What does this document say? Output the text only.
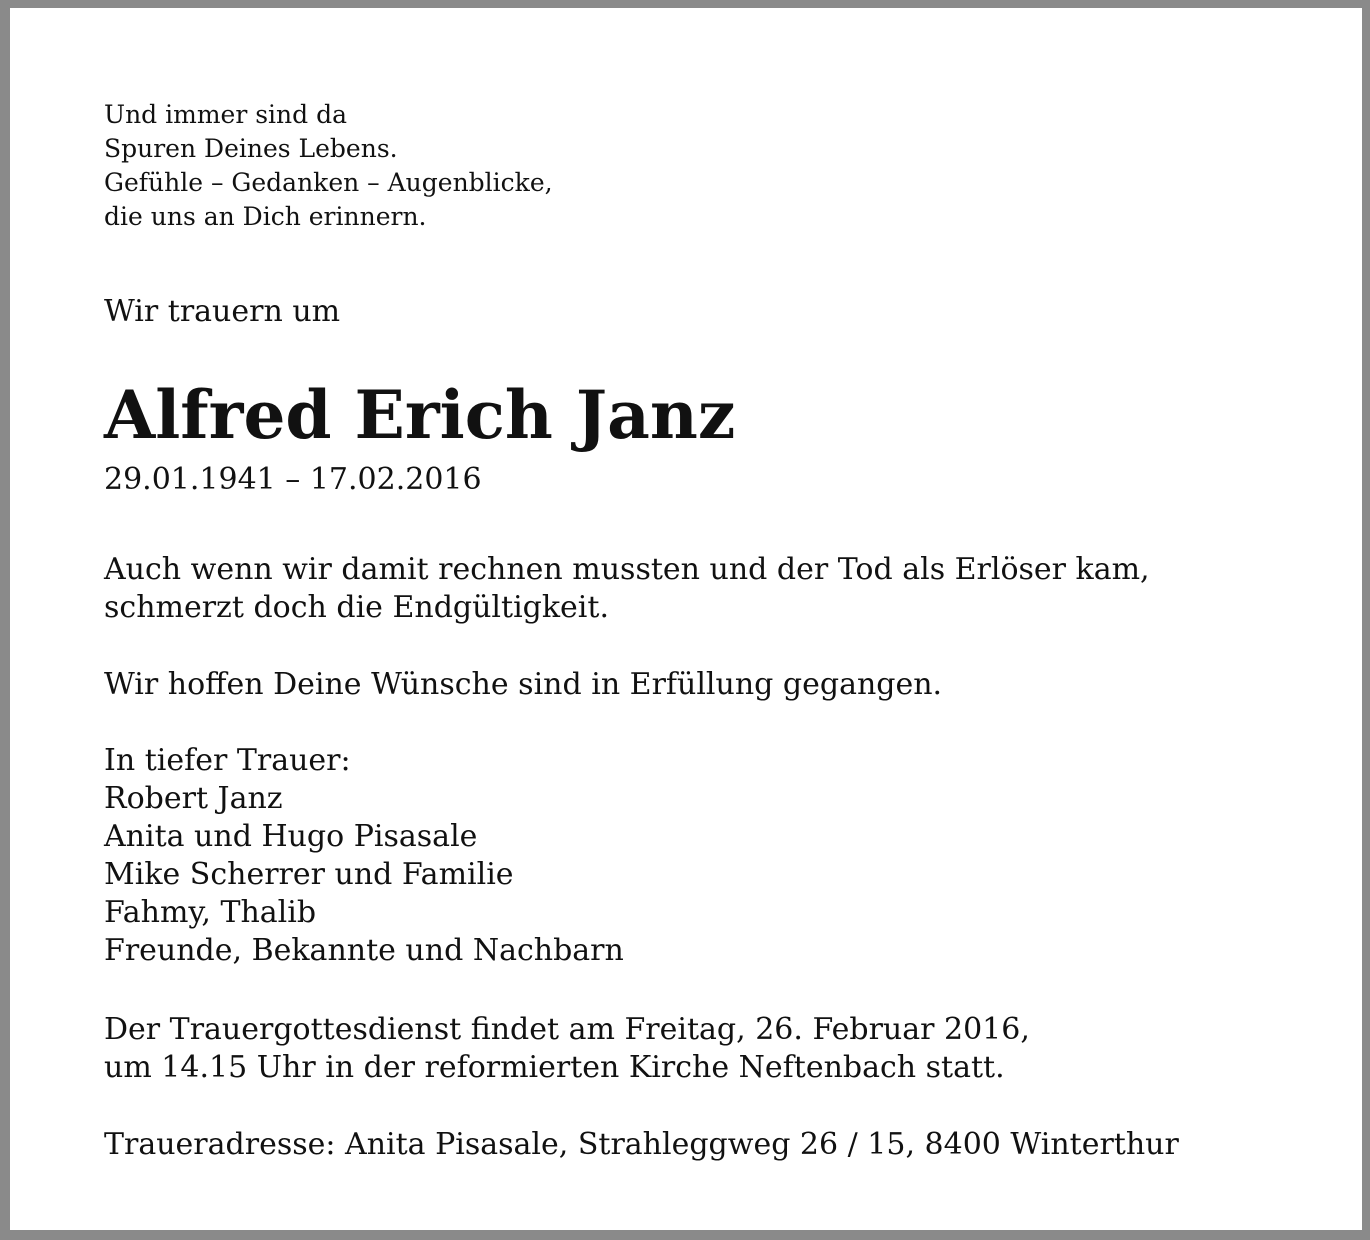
Und immer sind da
Spuren Deines Lebens.
Gefühle – Gedanken – Augenblicke,
die uns an Dich erinnern.
Wir trauern um
Alfred Erich Janz
29.01.1941 – 17.02.2016
Auch wenn wir damit rechnen mussten und der Tod als Erlöser kam,
schmerzt doch die Endgültigkeit.
Wir hoffen Deine Wünsche sind in Erfüllung gegangen.
In tiefer Trauer:
Robert Janz
Anita und Hugo Pisasale
Mike Scherrer und Familie
Fahmy, Thalib
Freunde, Bekannte und Nachbarn
Der Trauergottesdienst findet am Freitag, 26. Februar 2016,
um 14.15 Uhr in der reformierten Kirche Neftenbach statt.
Traueradresse: Anita Pisasale, Strahleggweg 26 / 15, 8400 Winterthur
